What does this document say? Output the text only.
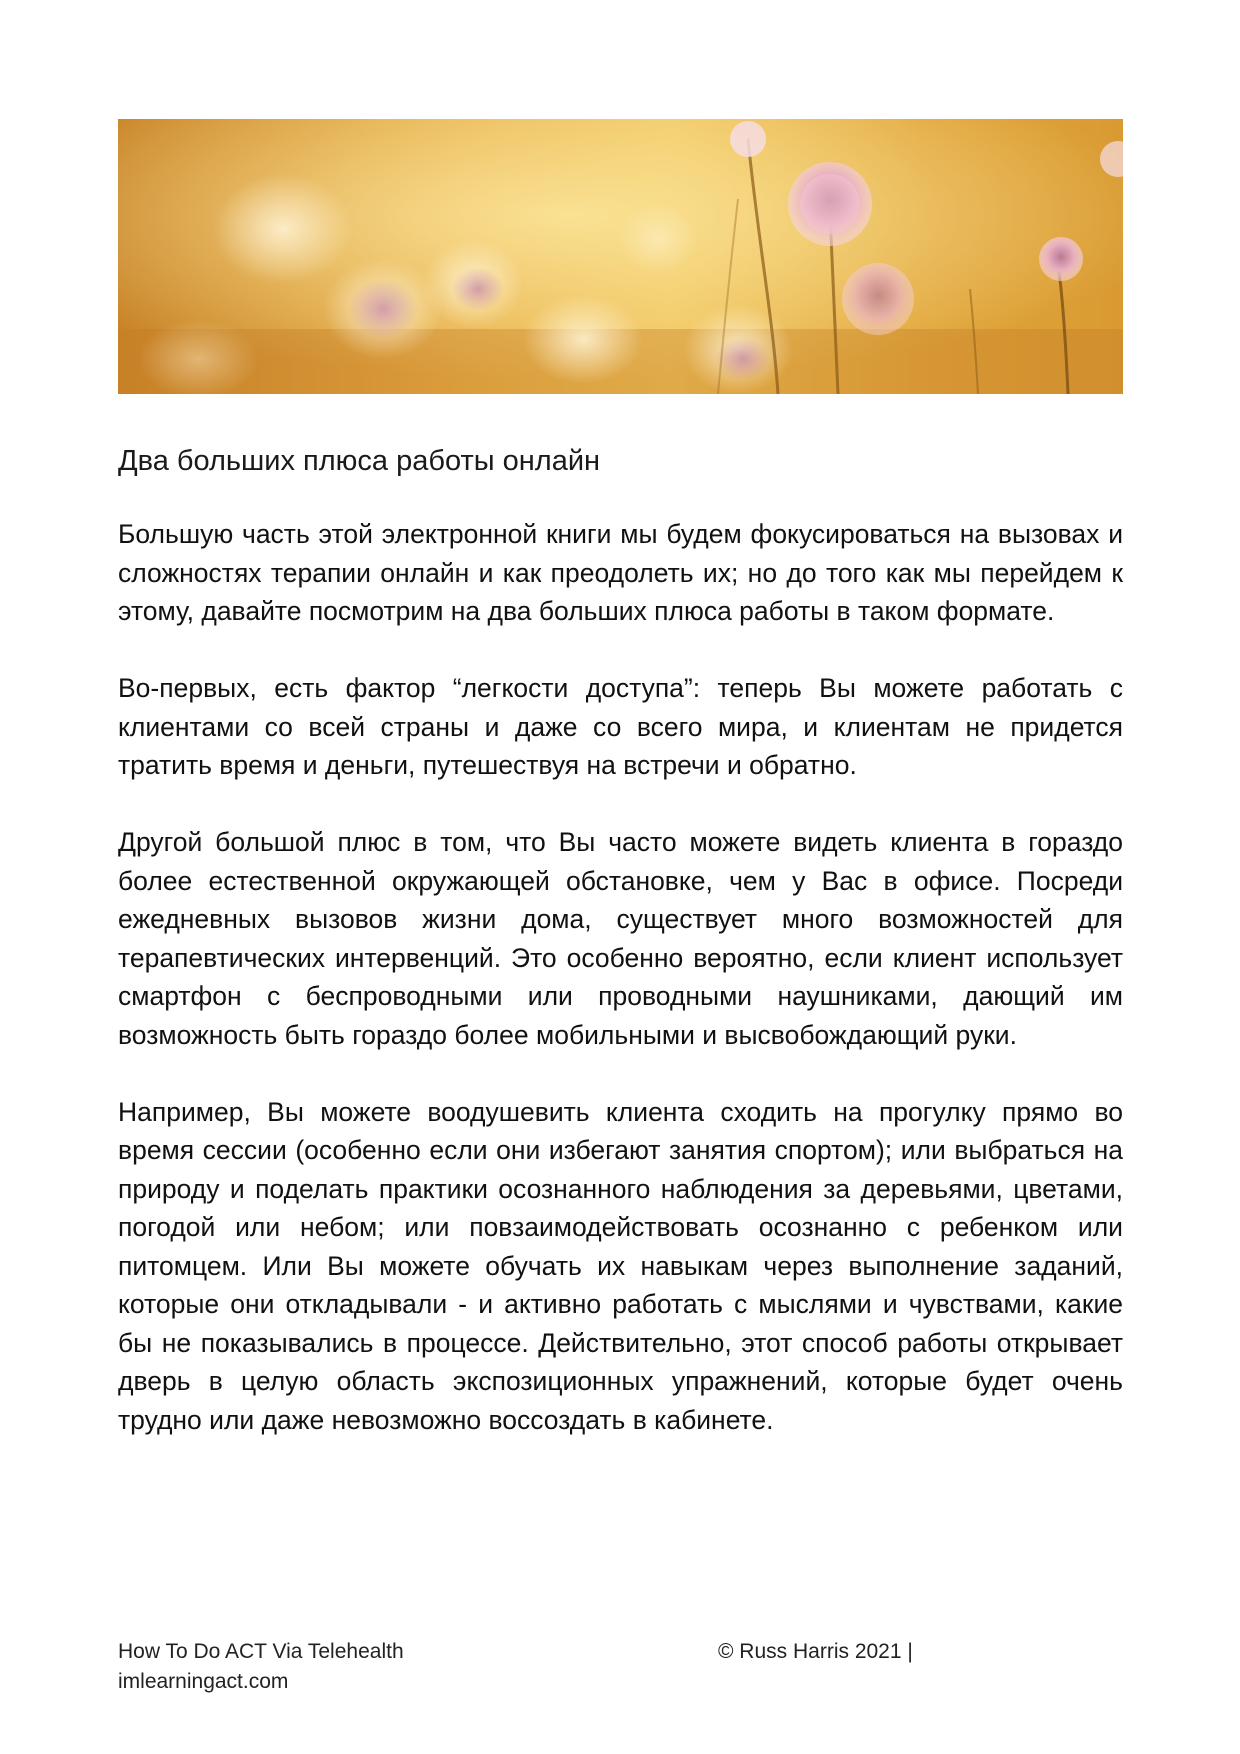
Два больших плюса работы онлайн

Большую часть этой электронной книги мы будем фокусироваться на вызовах и сложностях терапии онлайн и как преодолеть их; но до того как мы перейдем к этому, давайте посмотрим на два больших плюса работы в таком формате.

Во-первых, есть фактор “легкости доступа”: теперь Вы можете работать с клиентами со всей страны и даже со всего мира, и клиентам не придется тратить время и деньги, путешествуя на встречи и обратно.

Другой большой плюс в том, что Вы часто можете видеть клиента в гораздо более естественной окружающей обстановке, чем у Вас в офисе. Посреди ежедневных вызовов жизни дома, существует много возможностей для терапевтических интервенций. Это особенно вероятно, если клиент использует смартфон с беспроводными или проводными наушниками, дающий им возможность быть гораздо более мобильными и высвобождающий руки.

Например, Вы можете воодушевить клиента сходить на прогулку прямо во время сессии (особенно если они избегают занятия спортом); или выбраться на природу и поделать практики осознанного наблюдения за деревьями, цветами, погодой или небом; или повзаимодействовать осознанно с ребенком или питомцем. Или Вы можете обучать их навыкам через выполнение заданий, которые они откладывали - и активно работать с мыслями и чувствами, какие бы не показывались в процессе. Действительно, этот способ работы открывает дверь в целую область экспозиционных упражнений, которые будет очень трудно или даже невозможно воссоздать в кабинете.

How To Do ACT Via Telehealth
imlearningact.com
© Russ Harris 2021 |
